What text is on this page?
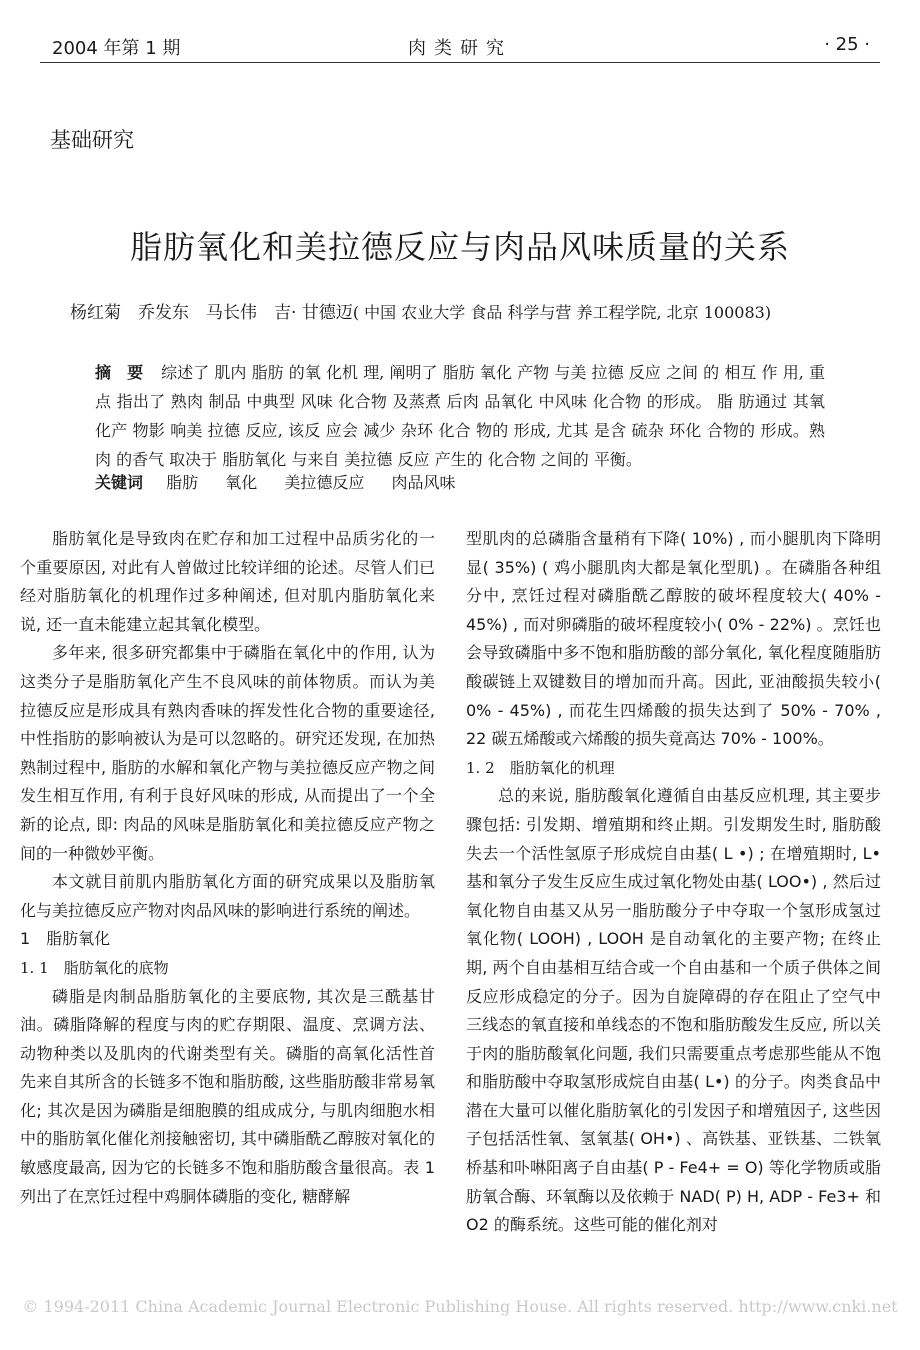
2004 年第 1 期	肉类研究	· 25 ·
基础研究
脂肪氧化和美拉德反应与肉品风味质量的关系
杨红菊　乔发东　马长伟　吉· 甘德迈( 中国 农业大学 食品 科学与营 养工程学院, 北京 100083)
摘　要 综述了 肌内 脂肪 的氧 化机 理, 阐明了 脂肪 氧化 产物 与美 拉德 反应 之间 的 相互 作 用, 重点 指出了 熟肉 制品 中典型 风味 化合物 及蒸煮 后肉 品氧化 中风味 化合物 的形成。 脂 肪通过 其氧 化产 物影 响美 拉德 反应, 该反 应会 减少 杂环 化合 物的 形成, 尤其 是含 硫杂 环化 合物的 形成。熟肉 的香气 取决于 脂肪氧化 与来自 美拉德 反应 产生的 化合物 之间的 平衡。
关键词 脂肪 氧化 美拉德反应 肉品风味

脂肪氧化是导致肉在贮存和加工过程中品质劣化的一个重要原因, 对此有人曾做过比较详细的论述。尽管人们已经对脂肪氧化的机理作过多种阐述, 但对肌内脂肪氧化来说, 还一直未能建立起其氧化模型。

多年来, 很多研究都集中于磷脂在氧化中的作用, 认为这类分子是脂肪氧化产生不良风味的前体物质。而认为美拉德反应是形成具有熟肉香味的挥发性化合物的重要途径, 中性指肪的影响被认为是可以忽略的。研究还发现, 在加热熟制过程中, 脂肪的水解和氧化产物与美拉德反应产物之间发生相互作用, 有利于良好风味的形成, 从而提出了一个全新的论点, 即: 肉品的风味是脂肪氧化和美拉德反应产物之间的一种微妙平衡。

本文就目前肌内脂肪氧化方面的研究成果以及脂肪氧化与美拉德反应产物对肉品风味的影响进行系统的阐述。

1　脂肪氧化
1. 1　脂肪氧化的底物

磷脂是肉制品脂肪氧化的主要底物, 其次是三酰基甘油。磷脂降解的程度与肉的贮存期限、温度、烹调方法、动物种类以及肌肉的代谢类型有关。磷脂的高氧化活性首先来自其所含的长链多不饱和脂肪酸, 这些脂肪酸非常易氧化; 其次是因为磷脂是细胞膜的组成成分, 与肌肉细胞水相中的脂肪氧化催化剂接触密切, 其中磷脂酰乙醇胺对氧化的敏感度最高, 因为它的长链多不饱和脂肪酸含量很高。表 1 列出了在烹饪过程中鸡胴体磷脂的变化, 糖酵解

型肌肉的总磷脂含量稍有下降( 10%) , 而小腿肌肉下降明显( 35%) ( 鸡小腿肌肉大都是氧化型肌) 。在磷脂各种组分中, 烹饪过程对磷脂酰乙醇胺的破坏程度较大( 40% - 45%) , 而对卵磷脂的破坏程度较小( 0% - 22%) 。烹饪也会导致磷脂中多不饱和脂肪酸的部分氧化, 氧化程度随脂肪酸碳链上双键数目的增加而升高。因此, 亚油酸损失较小( 0% - 45%) , 而花生四烯酸的损失达到了 50% - 70% , 22 碳五烯酸或六烯酸的损失竟高达 70% - 100%。

1. 2　脂肪氧化的机理

总的来说, 脂肪酸氧化遵循自由基反应机理, 其主要步骤包括: 引发期、增殖期和终止期。引发期发生时, 脂肪酸失去一个活性氢原子形成烷自由基( L •) ; 在增殖期时, L• 基和氧分子发生反应生成过氧化物处由基( LOO•) , 然后过氧化物自由基又从另一脂肪酸分子中夺取一个氢形成氢过氧化物( LOOH) , LOOH 是自动氧化的主要产物; 在终止期, 两个自由基相互结合或一个自由基和一个质子供体之间反应形成稳定的分子。因为自旋障碍的存在阻止了空气中三线态的氧直接和单线态的不饱和脂肪酸发生反应, 所以关于肉的脂肪酸氧化问题, 我们只需要重点考虑那些能从不饱和脂肪酸中夺取氢形成烷自由基( L•) 的分子。肉类食品中潜在大量可以催化脂肪氧化的引发因子和增殖因子, 这些因子包括活性氧、氢氧基( OH•) 、高铁基、亚铁基、二铁氧桥基和卟啉阳离子自由基( P - Fe4+ = O) 等化学物质或脂肪氧合酶、环氧酶以及依赖于 NAD( P) H, ADP - Fe3+ 和 O2 的酶系统。这些可能的催化剂对

© 1994-2011 China Academic Journal Electronic Publishing House. All rights reserved. http://www.cnki.net
